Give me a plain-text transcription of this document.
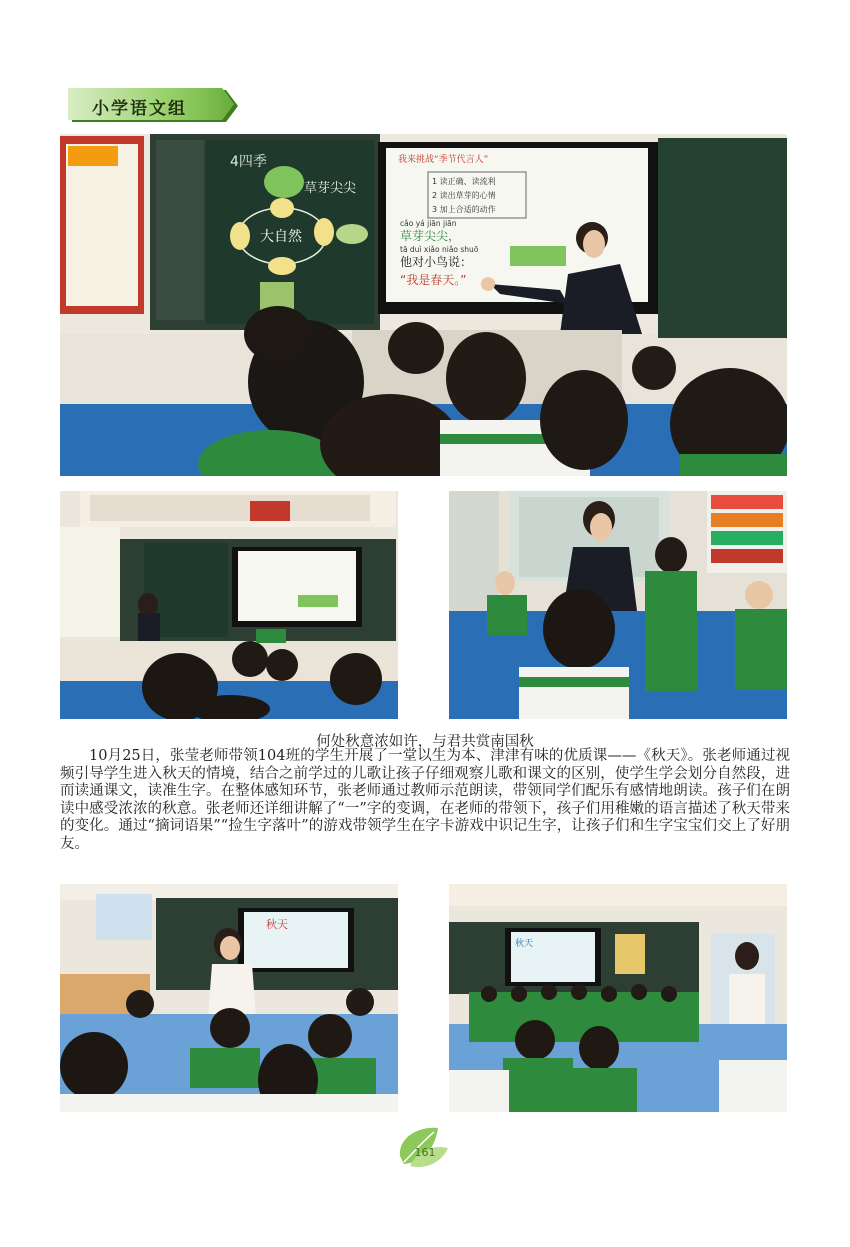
小学语文组
4四季
草芽尖尖
大自然
我来挑战“季节代言人”
1 读正确、读流利
2 读出草芽的心情
3 加上合适的动作
cǎo yá jiān jiān
草芽尖尖，
tā duì xiǎo niǎo shuō
他对小鸟说：
“我是春天。”
何处秋意浓如许，与君共赏南国秋

10月25日，张莹老师带领104班的学生开展了一堂以生为本、津津有味的优质课——《秋天》。张老师通过视频引导学生进入秋天的情境，结合之前学过的儿歌让孩子仔细观察儿歌和课文的区别，使学生学会划分自然段，进而读通课文，读准生字。在整体感知环节，张老师通过教师示范朗读，带领同学们配乐有感情地朗读。孩子们在朗读中感受浓浓的秋意。张老师还详细讲解了“一”字的变调，在老师的带领下，孩子们用稚嫩的语言描述了秋天带来的变化。通过“摘词语果”“捡生字落叶”的游戏带领学生在字卡游戏中识记生字，让孩子们和生字宝宝们交上了好朋友。

秋天
秋天
161
